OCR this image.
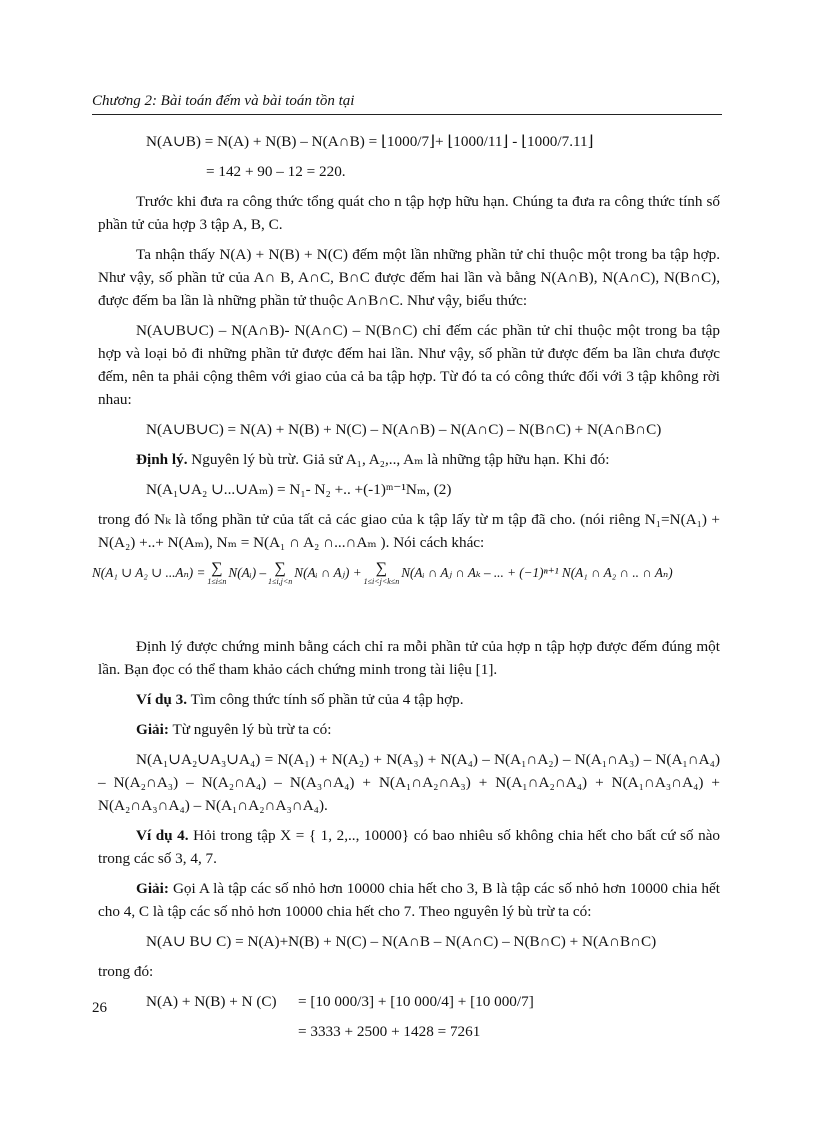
Chương 2: Bài toán đếm và bài toán tồn tại
N(A∪B) = N(A) + N(B) – N(A∩B) = ⌊1000/7⌋+ ⌊1000/11⌋ - ⌊1000/7.11⌋
= 142 + 90 – 12 = 220.

Trước khi đưa ra công thức tổng quát cho n tập hợp hữu hạn. Chúng ta đưa ra công thức tính số phần tử của hợp 3 tập A, B, C.

Ta nhận thấy N(A) + N(B) + N(C) đếm một lần những phần tử chỉ thuộc một trong ba tập hợp. Như vậy, số phần tử của A∩ B, A∩C, B∩C được đếm hai lần và bằng N(A∩B), N(A∩C), N(B∩C), được đếm ba lần là những phần tử thuộc A∩B∩C. Như vậy, biểu thức:

N(A∪B∪C) – N(A∩B)- N(A∩C) – N(B∩C) chỉ đếm các phần tử chỉ thuộc một trong ba tập hợp và loại bỏ đi những phần tử được đếm hai lần. Như vậy, số phần tử được đếm ba lần chưa được đếm, nên ta phải cộng thêm với giao của cả ba tập hợp. Từ đó ta có công thức đối với 3 tập không rời nhau:

N(A∪B∪C) = N(A) + N(B) + N(C) – N(A∩B) – N(A∩C) – N(B∩C) + N(A∩B∩C)

Định lý. Nguyên lý bù trừ. Giả sử A₁, A₂,.., Aₘ là những tập hữu hạn. Khi đó:

N(A₁∪A₂ ∪...∪Aₘ) = N₁- N₂ +.. +(-1)ᵐ⁻¹Nₘ, (2)

trong đó Nₖ là tổng phần tử của tất cả các giao của k tập lấy từ m tập đã cho. (nói riêng N₁=N(A₁) + N(A₂) +..+ N(Aₘ), Nₘ = N(A₁ ∩ A₂ ∩...∩Aₘ ). Nói cách khác:

N(A₁ ∪ A₂ ∪ ...Aₙ) = ∑
1≤i≤n
N(Aᵢ) – ∑
1≤i,j<n
N(Aᵢ ∩ Aⱼ) + ∑
1≤i<j<k≤n
N(Aᵢ ∩ Aⱼ ∩ Aₖ – ... + (−1)ⁿ⁺¹ N(A₁ ∩ A₂ ∩ .. ∩ Aₙ)

Định lý được chứng minh bằng cách chỉ ra mỗi phần tử của hợp n tập hợp được đếm đúng một lần. Bạn đọc có thể tham khảo cách chứng minh trong tài liệu [1].

Ví dụ 3. Tìm công thức tính số phần tử của 4 tập hợp.

Giải: Từ nguyên lý bù trừ ta có:

N(A₁∪A₂∪A₃∪A₄) = N(A₁) + N(A₂) + N(A₃) + N(A₄) – N(A₁∩A₂) – N(A₁∩A₃) – N(A₁∩A₄) – N(A₂∩A₃) – N(A₂∩A₄) – N(A₃∩A₄) + N(A₁∩A₂∩A₃) + N(A₁∩A₂∩A₄) + N(A₁∩A₃∩A₄) + N(A₂∩A₃∩A₄) – N(A₁∩A₂∩A₃∩A₄).

Ví dụ 4. Hỏi trong tập X = { 1, 2,.., 10000} có bao nhiêu số không chia hết cho bất cứ số nào trong các số 3, 4, 7.

Giải: Gọi A là tập các số nhỏ hơn 10000 chia hết cho 3, B là tập các số nhỏ hơn 10000 chia hết cho 4, C là tập các số nhỏ hơn 10000 chia hết cho 7. Theo nguyên lý bù trừ ta có:

N(A∪ B∪ C) = N(A)+N(B) + N(C) – N(A∩B – N(A∩C) – N(B∩C) + N(A∩B∩C)
trong đó:
N(A) + N(B) + N (C) = [10 000/3] + [10 000/4] + [10 000/7]
= 3333 + 2500 + 1428 = 7261
26
